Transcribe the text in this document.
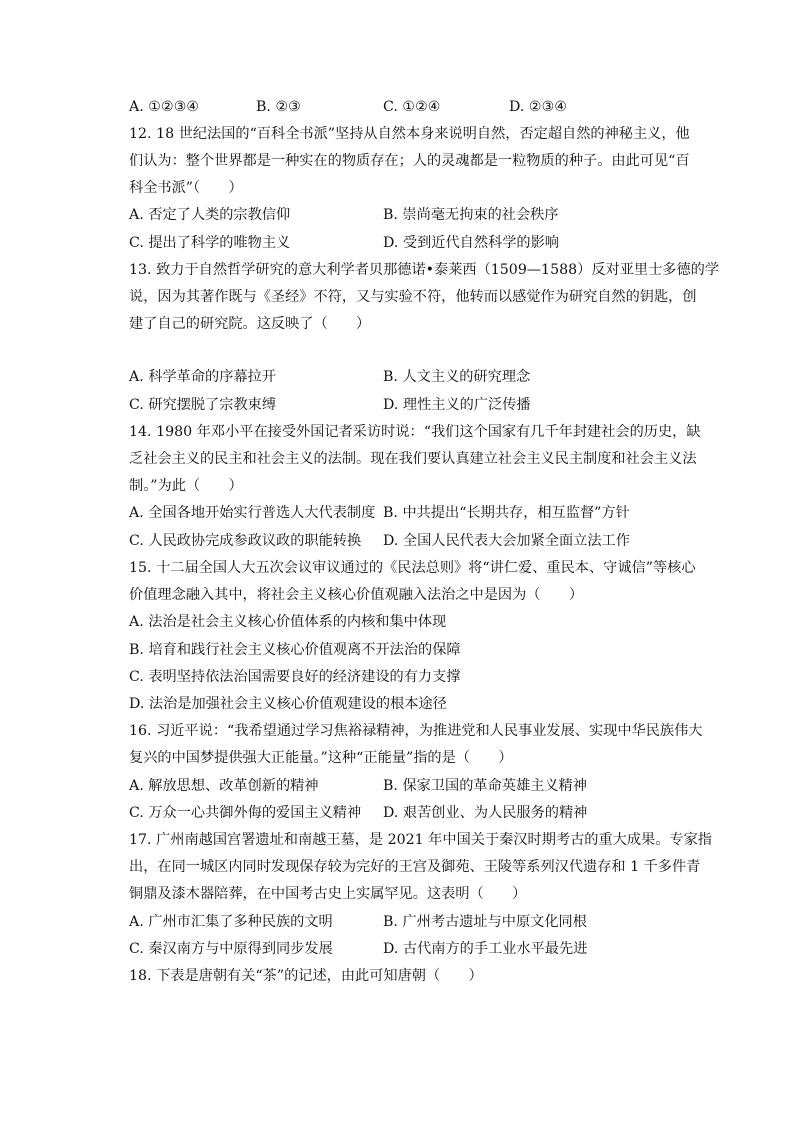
A. ①②③④	B. ②③	C. ①②④	D. ②③④
12. 18 世纪法国的“百科全书派”坚持从自然本身来说明自然，否定超自然的神秘主义，他
们认为：整个世界都是一种实在的物质存在；人的灵魂都是一粒物质的种子。由此可见“百
科全书派”（　　）
A. 否定了人类的宗教信仰	B. 崇尚毫无拘束的社会秩序
C. 提出了科学的唯物主义	D. 受到近代自然科学的影响
13. 致力于自然哲学研究的意大利学者贝那德诺•泰莱西（1509—1588）反对亚里士多德的学
说，因为其著作既与《圣经》不符，又与实验不符，他转而以感觉作为研究自然的钥匙，创
建了自己的研究院。这反映了（　　）
A. 科学革命的序幕拉开	B. 人文主义的研究理念
C. 研究摆脱了宗教束缚	D. 理性主义的广泛传播
14. 1980 年邓小平在接受外国记者采访时说：“我们这个国家有几千年封建社会的历史，缺
乏社会主义的民主和社会主义的法制。现在我们要认真建立社会主义民主制度和社会主义法
制。”为此（　　）
A. 全国各地开始实行普选人大代表制度 B. 中共提出“长期共存，相互监督”方针
C. 人民政协完成参政议政的职能转换 D. 全国人民代表大会加紧全面立法工作
15. 十二届全国人大五次会议审议通过的《民法总则》将“讲仁爱、重民本、守诚信”等核心
价值理念融入其中，将社会主义核心价值观融入法治之中是因为（　　）
A. 法治是社会主义核心价值体系的内核和集中体现
B. 培育和践行社会主义核心价值观离不开法治的保障
C. 表明坚持依法治国需要良好的经济建设的有力支撑
D. 法治是加强社会主义核心价值观建设的根本途径
16. 习近平说：“我希望通过学习焦裕禄精神，为推进党和人民事业发展、实现中华民族伟大
复兴的中国梦提供强大正能量。”这种“正能量”指的是（　　）
A. 解放思想、改革创新的精神	B. 保家卫国的革命英雄主义精神
C. 万众一心共御外侮的爱国主义精神 D. 艰苦创业、为人民服务的精神
17. 广州南越国宫署遗址和南越王墓，是 2021 年中国关于秦汉时期考古的重大成果。专家指
出，在同一城区内同时发现保存较为完好的王宫及御苑、王陵等系列汉代遗存和 1 千多件青
铜鼎及漆木器陪葬，在中国考古史上实属罕见。这表明（　　）
A. 广州市汇集了多种民族的文明	B. 广州考古遗址与中原文化同根
C. 秦汉南方与中原得到同步发展	D. 古代南方的手工业水平最先进
18. 下表是唐朝有关“茶”的记述，由此可知唐朝（　　）
